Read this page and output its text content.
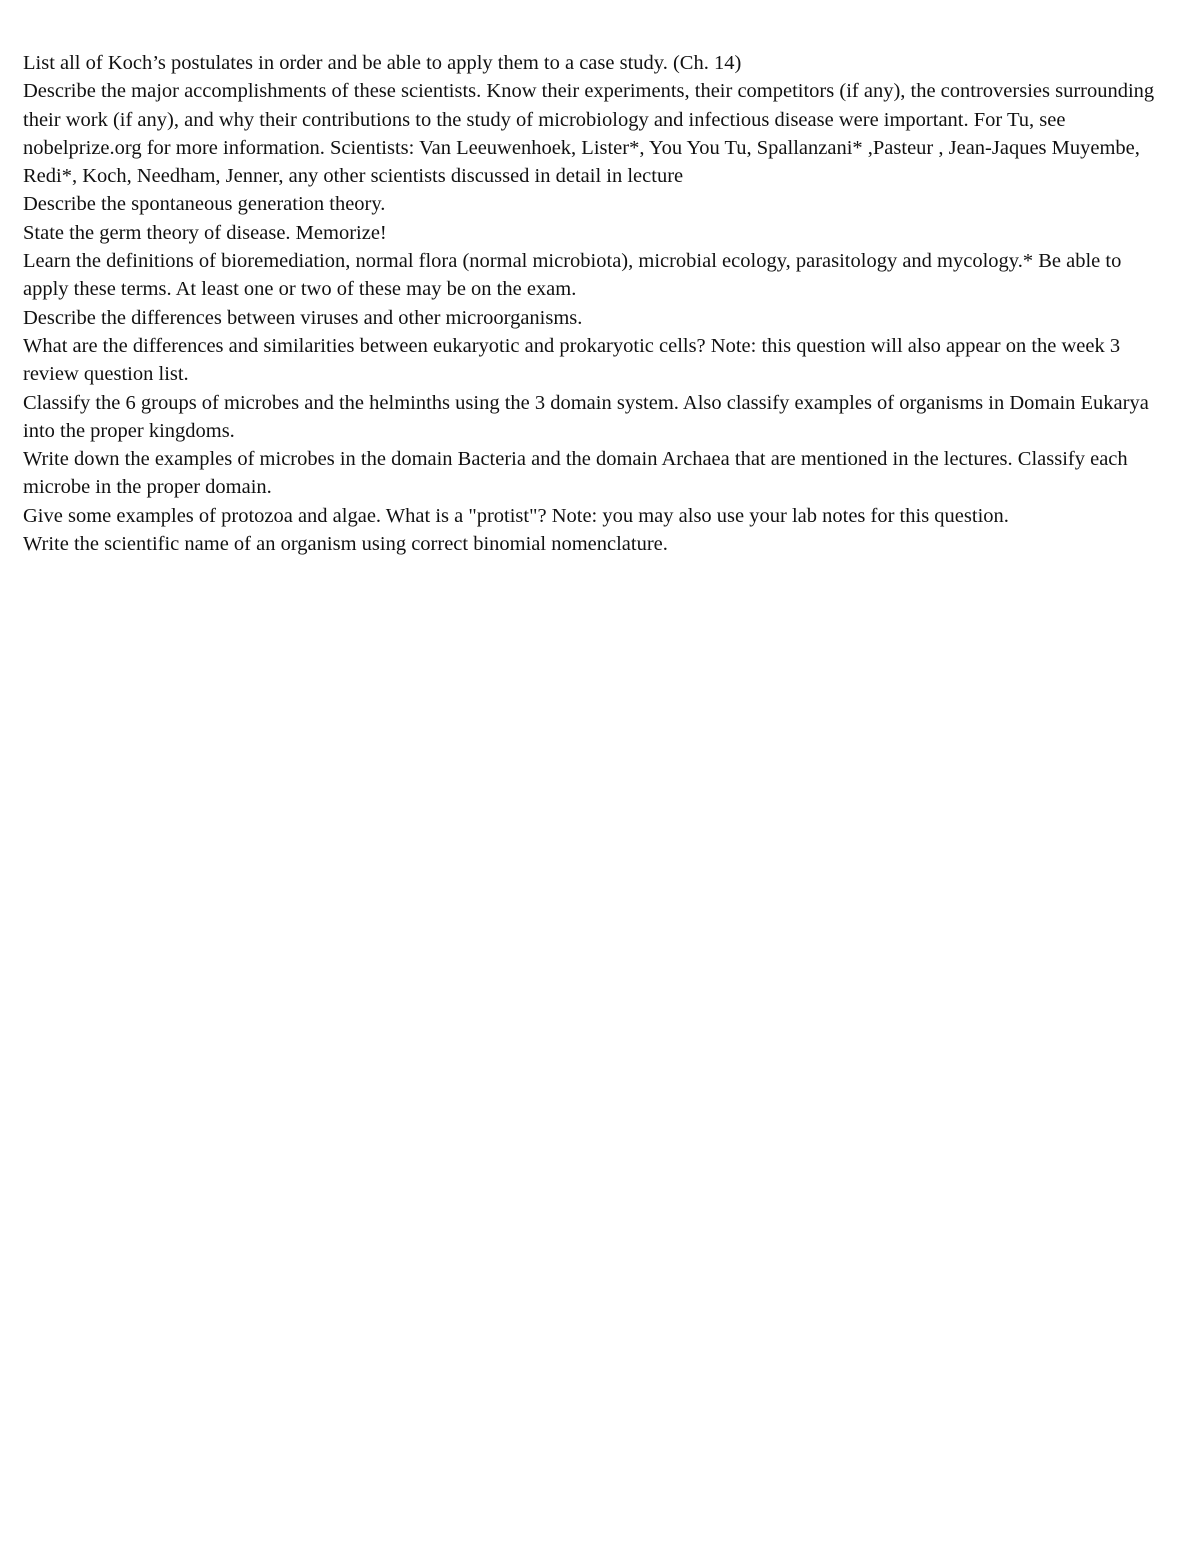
List all of Koch’s postulates in order and be able to apply them to a case study. (Ch. 14)

Describe the major accomplishments of these scientists. Know their experiments, their competitors (if any), the controversies surrounding their work (if any), and why their contributions to the study of microbiology and infectious disease were important. For Tu, see nobelprize.org for more information. Scientists: Van Leeuwenhoek, Lister*, You You Tu, Spallanzani* ,Pasteur , Jean-Jaques Muyembe, Redi*, Koch, Needham, Jenner, any other scientists discussed in detail in lecture

Describe the spontaneous generation theory.

State the germ theory of disease. Memorize!

Learn the definitions of bioremediation, normal flora (normal microbiota), microbial ecology, parasitology and mycology.* Be able to apply these terms. At least one or two of these may be on the exam.

Describe the differences between viruses and other microorganisms.

What are the differences and similarities between eukaryotic and prokaryotic cells? Note: this question will also appear on the week 3 review question list.

Classify the 6 groups of microbes and the helminths using the 3 domain system. Also classify examples of organisms in Domain Eukarya into the proper kingdoms.

Write down the examples of microbes in the domain Bacteria and the domain Archaea that are mentioned in the lectures. Classify each microbe in the proper domain.

Give some examples of protozoa and algae. What is a "protist"? Note: you may also use your lab notes for this question.

Write the scientific name of an organism using correct binomial nomenclature.
